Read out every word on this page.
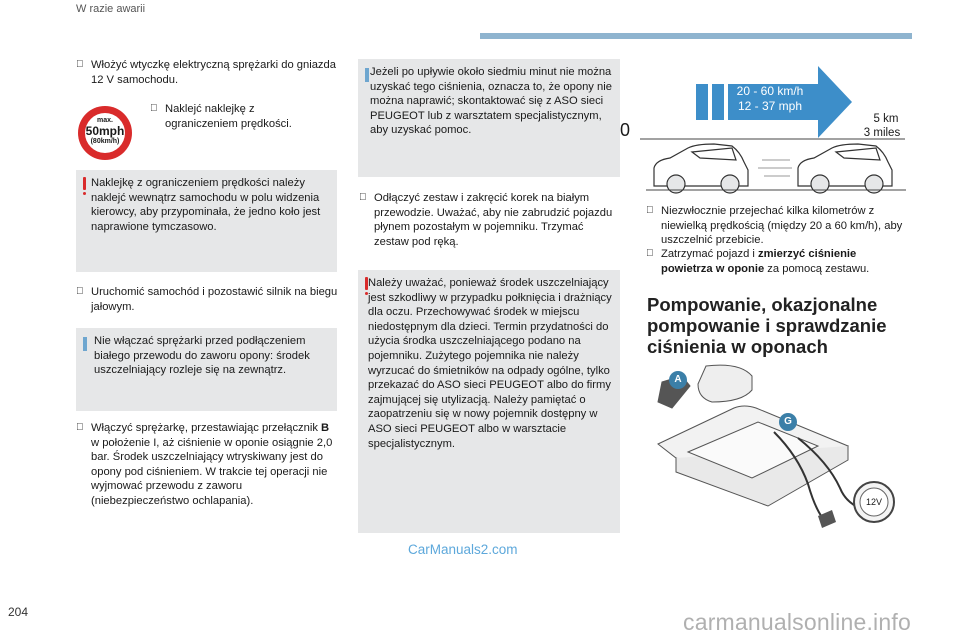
W razie awarii
Włożyć wtyczkę elektryczną sprężarki do gniazda 12 V samochodu.
max.
50mph
(80km/h)
Naklejć naklejkę z ograniczeniem prędkości.
Naklejkę z ograniczeniem prędkości należy naklejć wewnątrz samochodu w polu widzenia kierowcy, aby przypominała, że jedno koło jest naprawione tymczasowo.
Uruchomić samochód i pozostawić silnik na biegu jałowym.
Nie włączać sprężarki przed podłączeniem białego przewodu do zaworu opony: środek uszczelniający rozleje się na zewnątrz.
Włączyć sprężarkę, przestawiając przełącznik B w położenie I, aż ciśnienie w oponie osiągnie 2,0 bar. Środek uszczelniający wtryskiwany jest do opony pod ciśnieniem. W trakcie tej operacji nie wyjmować przewodu z zaworu (niebezpieczeństwo ochlapania).
Jeżeli po upływie około siedmiu minut nie można uzyskać tego ciśnienia, oznacza to, że opony nie można naprawić; skontaktować się z ASO sieci PEUGEOT lub z warsztatem specjalistycznym, aby uzyskać pomoc.
Odłączyć zestaw i zakręcić korek na białym przewodzie. Uważać, aby nie zabrudzić pojazdu płynem pozostałym w pojemniku. Trzymać zestaw pod ręką.
Należy uważać, ponieważ środek uszczelniający jest szkodliwy w przypadku połknięcia i drażniący dla oczu. Przechowywać środek w miejscu niedostępnym dla dzieci. Termin przydatności do użycia środka uszczelniającego podano na pojemniku. Zużytego pojemnika nie należy wyrzucać do śmietników na odpady ogólne, tylko przekazać do ASO sieci PEUGEOT albo do firmy zajmującej się utylizacją. Należy pamiętać o zaopatrzeniu się w nowy pojemnik dostępny w ASO sieci PEUGEOT albo w warsztacie specjalistycznym.
20 - 60 km/h
12 - 37 mph
0
5 km
3 miles
Niezwłocznie przejechać kilka kilometrów z niewielką prędkością (między 20 a 60 km/h), aby uszczelnić przebicie.
Zatrzymać pojazd i zmierzyć ciśnienie powietrza w oponie za pomocą zestawu.
Pompowanie, okazjonalne pompowanie i sprawdzanie ciśnienia w oponach
A
G
12V
204
CarManuals2.com
carmanualsonline.info
